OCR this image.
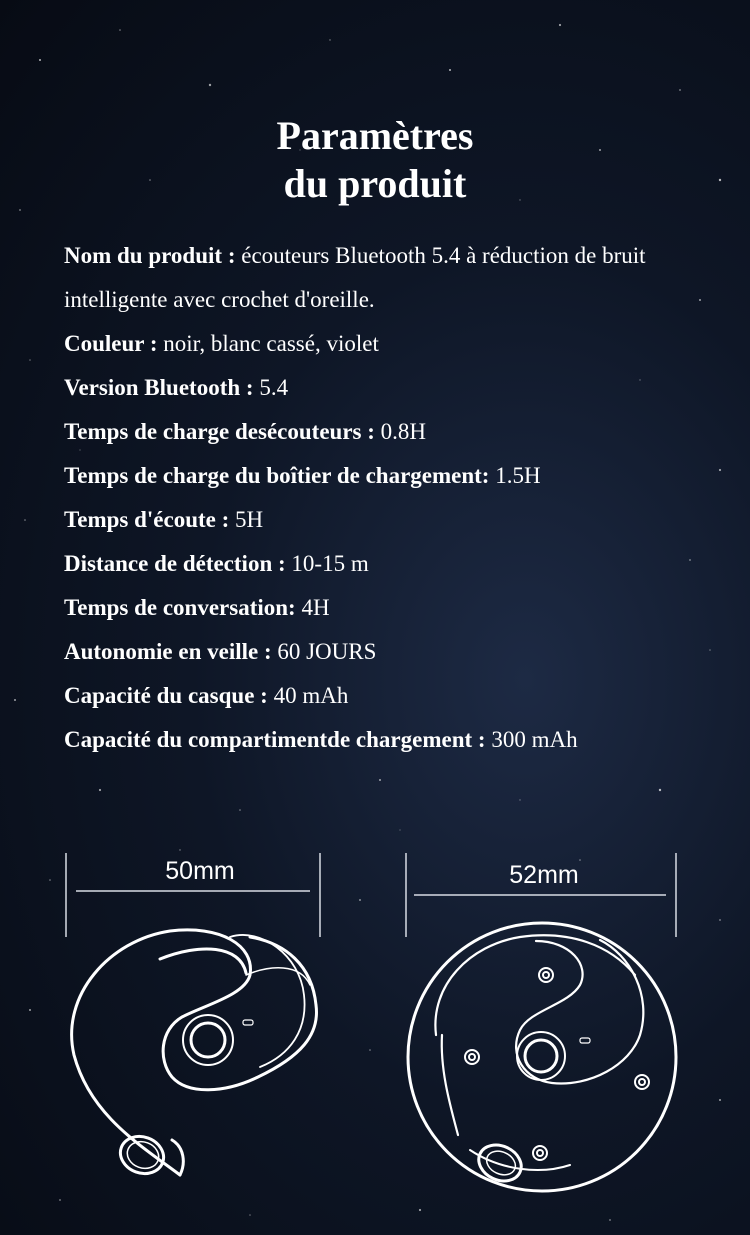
Paramètres
du produit
Nom du produit : écouteurs Bluetooth 5.4 à réduction de bruit intelligente avec crochet d'oreille.
Couleur : noir, blanc cassé, violet
Version Bluetooth : 5.4
Temps de charge desécouteurs : 0.8H
Temps de charge du boîtier de chargement: 1.5H
Temps d'écoute : 5H
Distance de détection : 10-15 m
Temps de conversation: 4H
Autonomie en veille : 60 JOURS
Capacité du casque : 40 mAh
Capacité du compartimentde chargement : 300 mAh
50mm	52mm
